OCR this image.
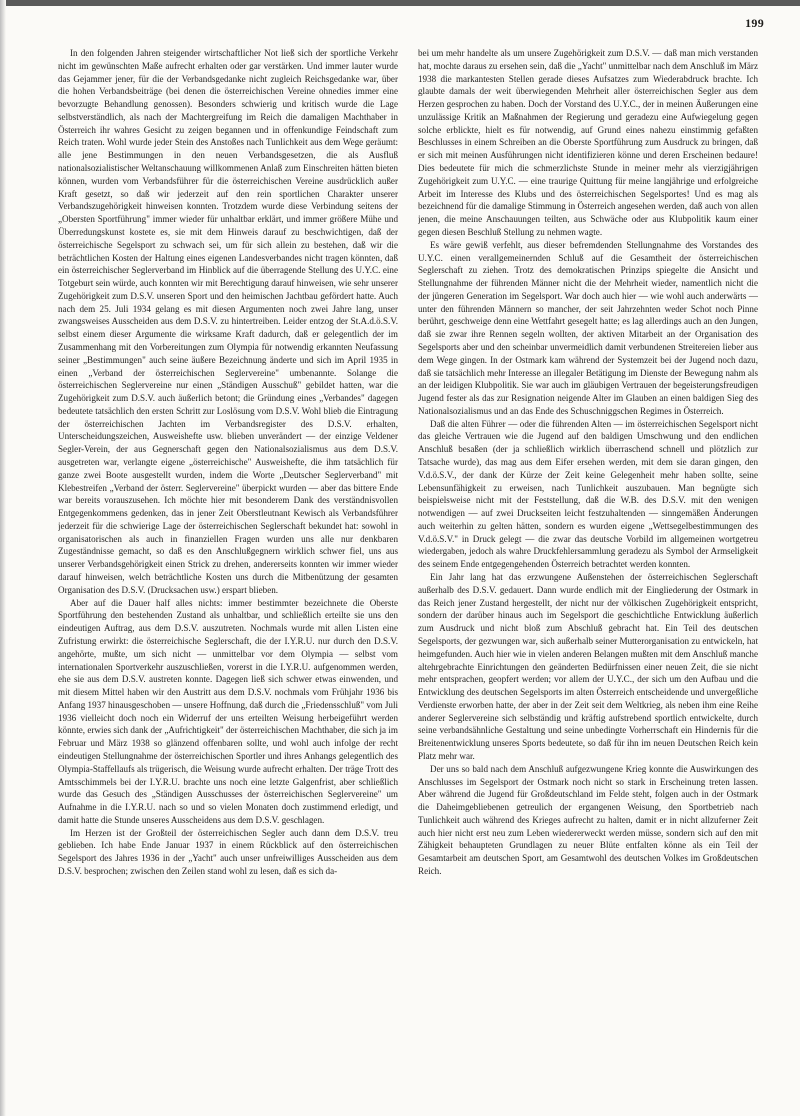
199

In den folgenden Jahren steigender wirtschaftlicher Not ließ sich der sportliche Verkehr nicht im gewünschten Maße aufrecht erhalten oder gar verstärken. Und immer lauter wurde das Gejammer jener, für die der Verbandsgedanke nicht zugleich Reichsgedanke war, über die hohen Verbandsbeiträge (bei denen die österreichischen Vereine ohnedies immer eine bevorzugte Behandlung genossen). Besonders schwierig und kritisch wurde die Lage selbstverständlich, als nach der Machtergreifung im Reich die damaligen Machthaber in Österreich ihr wahres Gesicht zu zeigen begannen und in offenkundige Feindschaft zum Reich traten. Wohl wurde jeder Stein des Anstoßes nach Tunlichkeit aus dem Wege geräumt: alle jene Bestimmungen in den neuen Verbandsgesetzen, die als Ausfluß nationalsozialistischer Weltanschauung willkommenen Anlaß zum Einschreiten hätten bieten können, wurden vom Verbandsführer für die österreichischen Vereine ausdrücklich außer Kraft gesetzt, so daß wir jederzeit auf den rein sportlichen Charakter unserer Verbandszugehörigkeit hinweisen konnten. Trotzdem wurde diese Verbindung seitens der „Obersten Sportführung" immer wieder für unhaltbar erklärt, und immer größere Mühe und Überredungskunst kostete es, sie mit dem Hinweis darauf zu beschwichtigen, daß der österreichische Segelsport zu schwach sei, um für sich allein zu bestehen, daß wir die beträchtlichen Kosten der Haltung eines eigenen Landesverbandes nicht tragen könnten, daß ein österreichischer Seglerverband im Hinblick auf die überragende Stellung des U.Y.C. eine Totgeburt sein würde, auch konnten wir mit Berechtigung darauf hinweisen, wie sehr unserer Zugehörigkeit zum D.S.V. unseren Sport und den heimischen Jachtbau gefördert hatte. Auch nach dem 25. Juli 1934 gelang es mit diesen Argumenten noch zwei Jahre lang, unser zwangsweises Ausscheiden aus dem D.S.V. zu hintertreiben. Leider entzog der St.A.d.ö.S.V. selbst einem dieser Argumente die wirksame Kraft dadurch, daß er gelegentlich der im Zusammenhang mit den Vorbereitungen zum Olympia für notwendig erkannten Neufassung seiner „Bestimmungen" auch seine äußere Bezeichnung änderte und sich im April 1935 in einen „Verband der österreichischen Seglervereine" umbenannte. Solange die österreichischen Seglervereine nur einen „Ständigen Ausschuß" gebildet hatten, war die Zugehörigkeit zum D.S.V. auch äußerlich betont; die Gründung eines „Verbandes" dagegen bedeutete tatsächlich den ersten Schritt zur Loslösung vom D.S.V. Wohl blieb die Eintragung der österreichischen Jachten im Verbandsregister des D.S.V. erhalten, Unterscheidungszeichen, Ausweishefte usw. blieben unverändert — der einzige Veldener Segler-Verein, der aus Gegnerschaft gegen den Nationalsozialismus aus dem D.S.V. ausgetreten war, verlangte eigene „österreichische" Ausweishefte, die ihm tatsächlich für ganze zwei Boote ausgestellt wurden, indem die Worte „Deutscher Seglerverband" mit Klebestreifen „Verband der österr. Seglervereine" überpickt wurden — aber das bittere Ende war bereits vorauszusehen. Ich möchte hier mit besonderem Dank des verständnisvollen Entgegenkommens gedenken, das in jener Zeit Oberstleutnant Kewisch als Verbandsführer jederzeit für die schwierige Lage der österreichischen Seglerschaft bekundet hat: sowohl in organisatorischen als auch in finanziellen Fragen wurden uns alle nur denkbaren Zugeständnisse gemacht, so daß es den Anschlußgegnern wirklich schwer fiel, uns aus unserer Verbandsgehörigkeit einen Strick zu drehen, andererseits konnten wir immer wieder darauf hinweisen, welch beträchtliche Kosten uns durch die Mitbenützung der gesamten Organisation des D.S.V. (Drucksachen usw.) erspart blieben.

Aber auf die Dauer half alles nichts: immer bestimmter bezeichnete die Oberste Sportführung den bestehenden Zustand als unhaltbar, und schließlich erteilte sie uns den eindeutigen Auftrag, aus dem D.S.V. auszutreten. Nochmals wurde mit allen Listen eine Zufristung erwirkt: die österreichische Seglerschaft, die der I.Y.R.U. nur durch den D.S.V. angehörte, mußte, um sich nicht — unmittelbar vor dem Olympia — selbst vom internationalen Sportverkehr auszuschließen, vorerst in die I.Y.R.U. aufgenommen werden, ehe sie aus dem D.S.V. austreten konnte. Dagegen ließ sich schwer etwas einwenden, und mit diesem Mittel haben wir den Austritt aus dem D.S.V. nochmals vom Frühjahr 1936 bis Anfang 1937 hinausgeschoben — unsere Hoffnung, daß durch die „Friedensschluß" vom Juli 1936 vielleicht doch noch ein Widerruf der uns erteilten Weisung herbeigeführt werden könnte, erwies sich dank der „Aufrichtigkeit" der österreichischen Machthaber, die sich ja im Februar und März 1938 so glänzend offenbaren sollte, und wohl auch infolge der recht eindeutigen Stellungnahme der österreichischen Sportler und ihres Anhangs gelegentlich des Olympia-Staffellaufs als trügerisch, die Weisung wurde aufrecht erhalten. Der träge Trott des Amtsschimmels bei der I.Y.R.U. brachte uns noch eine letzte Galgenfrist, aber schließlich wurde das Gesuch des „Ständigen Ausschusses der österreichischen Seglervereine" um Aufnahme in die I.Y.R.U. nach so und so vielen Monaten doch zustimmend erledigt, und damit hatte die Stunde unseres Ausscheidens aus dem D.S.V. geschlagen.

Im Herzen ist der Großteil der österreichischen Segler auch dann dem D.S.V. treu geblieben. Ich habe Ende Januar 1937 in einem Rückblick auf den österreichischen Segelsport des Jahres 1936 in der „Yacht" auch unser unfreiwilliges Ausscheiden aus dem D.S.V. besprochen; zwischen den Zeilen stand wohl zu lesen, daß es sich da-

bei um mehr handelte als um unsere Zugehörigkeit zum D.S.V. — daß man mich verstanden hat, mochte daraus zu ersehen sein, daß die „Yacht" unmittelbar nach dem Anschluß im März 1938 die markantesten Stellen gerade dieses Aufsatzes zum Wiederabdruck brachte. Ich glaubte damals der weit überwiegenden Mehrheit aller österreichischen Segler aus dem Herzen gesprochen zu haben. Doch der Vorstand des U.Y.C., der in meinen Äußerungen eine unzulässige Kritik an Maßnahmen der Regierung und geradezu eine Aufwiegelung gegen solche erblickte, hielt es für notwendig, auf Grund eines nahezu einstimmig gefaßten Beschlusses in einem Schreiben an die Oberste Sportführung zum Ausdruck zu bringen, daß er sich mit meinen Ausführungen nicht identifizieren könne und deren Erscheinen bedaure! Dies bedeutete für mich die schmerzlichste Stunde in meiner mehr als vierzigjährigen Zugehörigkeit zum U.Y.C. — eine traurige Quittung für meine langjährige und erfolgreiche Arbeit im Interesse des Klubs und des österreichischen Segelsportes! Und es mag als bezeichnend für die damalige Stimmung in Österreich angesehen werden, daß auch von allen jenen, die meine Anschauungen teilten, aus Schwäche oder aus Klubpolitik kaum einer gegen diesen Beschluß Stellung zu nehmen wagte.

Es wäre gewiß verfehlt, aus dieser befremdenden Stellungnahme des Vorstandes des U.Y.C. einen verallgemeinernden Schluß auf die Gesamtheit der österreichischen Seglerschaft zu ziehen. Trotz des demokratischen Prinzips spiegelte die Ansicht und Stellungnahme der führenden Männer nicht die der Mehrheit wieder, namentlich nicht die der jüngeren Generation im Segelsport. War doch auch hier — wie wohl auch anderwärts — unter den führenden Männern so mancher, der seit Jahrzehnten weder Schot noch Pinne berührt, geschweige denn eine Wettfahrt gesegelt hatte; es lag allerdings auch an den Jungen, daß sie zwar ihre Rennen segeln wollten, der aktiven Mitarbeit an der Organisation des Segelsports aber und den scheinbar unvermeidlich damit verbundenen Streitereien lieber aus dem Wege gingen. In der Ostmark kam während der Systemzeit bei der Jugend noch dazu, daß sie tatsächlich mehr Interesse an illegaler Betätigung im Dienste der Bewegung nahm als an der leidigen Klubpolitik. Sie war auch im gläubigen Vertrauen der begeisterungsfreudigen Jugend fester als das zur Resignation neigende Alter im Glauben an einen baldigen Sieg des Nationalsozialismus und an das Ende des Schuschniggschen Regimes in Österreich.

Daß die alten Führer — oder die führenden Alten — im österreichischen Segelsport nicht das gleiche Vertrauen wie die Jugend auf den baldigen Umschwung und den endlichen Anschluß besaßen (der ja schließlich wirklich überraschend schnell und plötzlich zur Tatsache wurde), das mag aus dem Eifer ersehen werden, mit dem sie daran gingen, den V.d.ö.S.V., der dank der Kürze der Zeit keine Gelegenheit mehr haben sollte, seine Lebensunfähigkeit zu erweisen, nach Tunlichkeit auszubauen. Man begnügte sich beispielsweise nicht mit der Feststellung, daß die W.B. des D.S.V. mit den wenigen notwendigen — auf zwei Druckseiten leicht festzuhaltenden — sinngemäßen Änderungen auch weiterhin zu gelten hätten, sondern es wurden eigene „Wettsegelbestimmungen des V.d.ö.S.V." in Druck gelegt — die zwar das deutsche Vorbild im allgemeinen wortgetreu wiedergaben, jedoch als wahre Druckfehlersammlung geradezu als Symbol der Armseligkeit des seinem Ende entgegengehenden Österreich betrachtet werden konnten.

Ein Jahr lang hat das erzwungene Außenstehen der österreichischen Seglerschaft außerhalb des D.S.V. gedauert. Dann wurde endlich mit der Eingliederung der Ostmark in das Reich jener Zustand hergestellt, der nicht nur der völkischen Zugehörigkeit entspricht, sondern der darüber hinaus auch im Segelsport die geschichtliche Entwicklung äußerlich zum Ausdruck und nicht bloß zum Abschluß gebracht hat. Ein Teil des deutschen Segelsports, der gezwungen war, sich außerhalb seiner Mutterorganisation zu entwickeln, hat heimgefunden. Auch hier wie in vielen anderen Belangen mußten mit dem Anschluß manche altehrgebrachte Einrichtungen den geänderten Bedürfnissen einer neuen Zeit, die sie nicht mehr entsprachen, geopfert werden; vor allem der U.Y.C., der sich um den Aufbau und die Entwicklung des deutschen Segelsports im alten Österreich entscheidende und unvergeßliche Verdienste erworben hatte, der aber in der Zeit seit dem Weltkrieg, als neben ihm eine Reihe anderer Seglervereine sich selbständig und kräftig aufstrebend sportlich entwickelte, durch seine verbandsähnliche Gestaltung und seine unbedingte Vorherrschaft ein Hindernis für die Breitenentwicklung unseres Sports bedeutete, so daß für ihn im neuen Deutschen Reich kein Platz mehr war.

Der uns so bald nach dem Anschluß aufgezwungene Krieg konnte die Auswirkungen des Anschlusses im Segelsport der Ostmark noch nicht so stark in Erscheinung treten lassen. Aber während die Jugend für Großdeutschland im Felde steht, folgen auch in der Ostmark die Daheimgebliebenen getreulich der ergangenen Weisung, den Sportbetrieb nach Tunlichkeit auch während des Krieges aufrecht zu halten, damit er in nicht allzuferner Zeit auch hier nicht erst neu zum Leben wiedererweckt werden müsse, sondern sich auf den mit Zähigkeit behaupteten Grundlagen zu neuer Blüte entfalten könne als ein Teil der Gesamtarbeit am deutschen Sport, am Gesamtwohl des deutschen Volkes im Großdeutschen Reich.
